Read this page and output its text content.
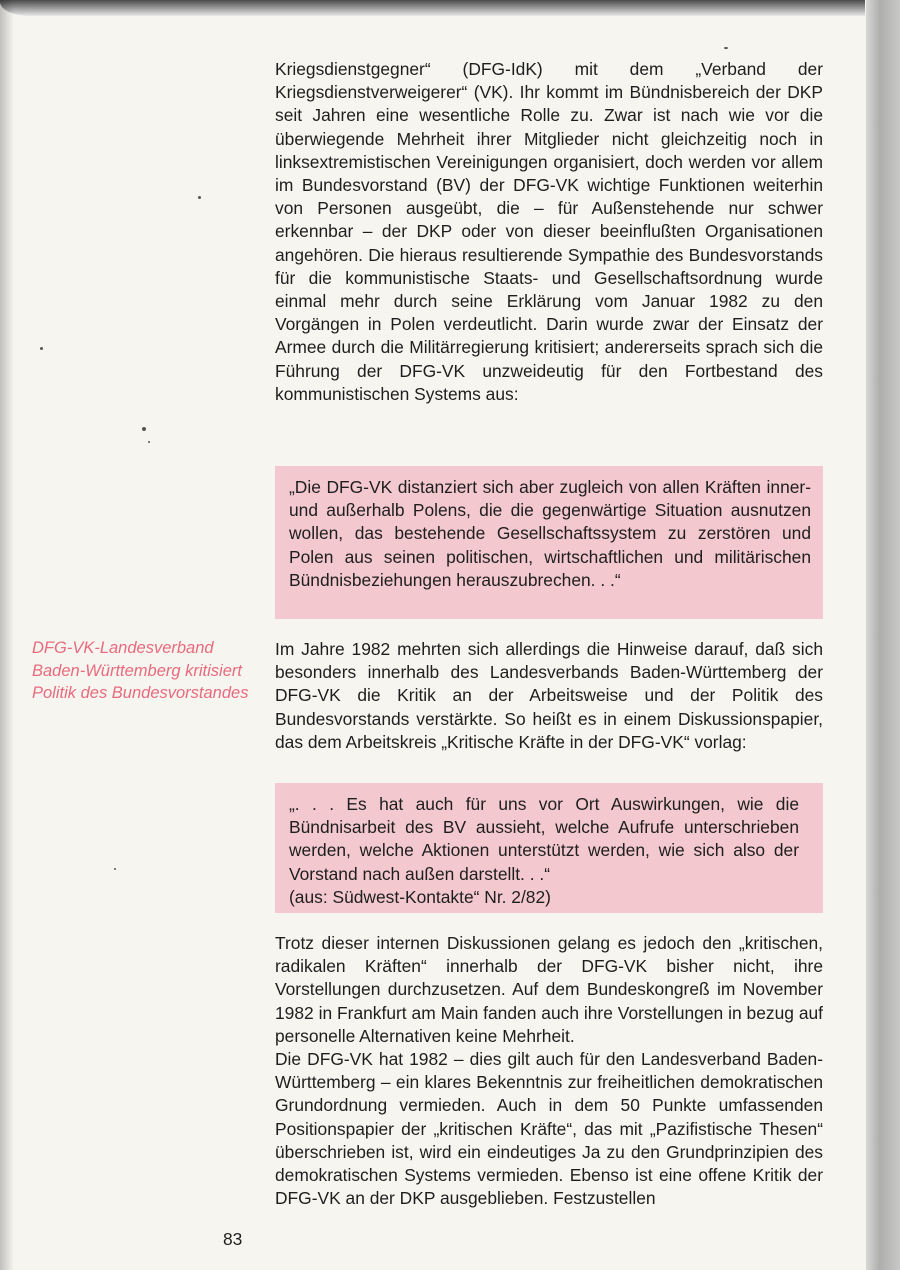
Kriegsdienstgegner“ (DFG-IdK) mit dem „Verband der Kriegsdienstverweigerer“ (VK). Ihr kommt im Bündnisbereich der DKP seit Jahren eine wesentliche Rolle zu. Zwar ist nach wie vor die überwiegende Mehrheit ihrer Mitglieder nicht gleichzeitig noch in linksextremistischen Vereinigungen organisiert, doch werden vor allem im Bundesvorstand (BV) der DFG-VK wichtige Funktionen weiterhin von Personen ausgeübt, die – für Außenstehende nur schwer erkennbar – der DKP oder von dieser beeinflußten Organisationen angehören. Die hieraus resultierende Sympathie des Bundesvorstands für die kommunistische Staats- und Gesellschaftsordnung wurde einmal mehr durch seine Erklärung vom Januar 1982 zu den Vorgängen in Polen verdeutlicht. Darin wurde zwar der Einsatz der Armee durch die Militärregierung kritisiert; andererseits sprach sich die Führung der DFG-VK unzweideutig für den Fortbestand des kommunistischen Systems aus:

„Die DFG-VK distanziert sich aber zugleich von allen Kräften inner- und außerhalb Polens, die die gegenwärtige Situation ausnutzen wollen, das bestehende Gesellschaftssystem zu zerstören und Polen aus seinen politischen, wirtschaftlichen und militärischen Bündnisbeziehungen herauszubrechen. . .“

DFG-VK-Landesverband Baden-Württemberg kritisiert Politik des Bundesvorstandes

Im Jahre 1982 mehrten sich allerdings die Hinweise darauf, daß sich besonders innerhalb des Landesverbands Baden-Württemberg der DFG-VK die Kritik an der Arbeitsweise und der Politik des Bundesvorstands verstärkte. So heißt es in einem Diskussionspapier, das dem Arbeitskreis „Kritische Kräfte in der DFG-VK“ vorlag:

„. . . Es hat auch für uns vor Ort Auswirkungen, wie die Bündnisarbeit des BV aussieht, welche Aufrufe unterschrieben werden, welche Aktionen unterstützt werden, wie sich also der Vorstand nach außen darstellt. . .“
(aus: Südwest-Kontakte“ Nr. 2/82)

Trotz dieser internen Diskussionen gelang es jedoch den „kritischen, radikalen Kräften“ innerhalb der DFG-VK bisher nicht, ihre Vorstellungen durchzusetzen. Auf dem Bundeskongreß im November 1982 in Frankfurt am Main fanden auch ihre Vorstellungen in bezug auf personelle Alternativen keine Mehrheit.

Die DFG-VK hat 1982 – dies gilt auch für den Landesverband Baden-Württemberg – ein klares Bekenntnis zur freiheitlichen demokratischen Grundordnung vermieden. Auch in dem 50 Punkte umfassenden Positionspapier der „kritischen Kräfte“, das mit „Pazifistische Thesen“ überschrieben ist, wird ein eindeutiges Ja zu den Grundprinzipien des demokratischen Systems vermieden. Ebenso ist eine offene Kritik der DFG-VK an der DKP ausgeblieben. Festzustellen

83
